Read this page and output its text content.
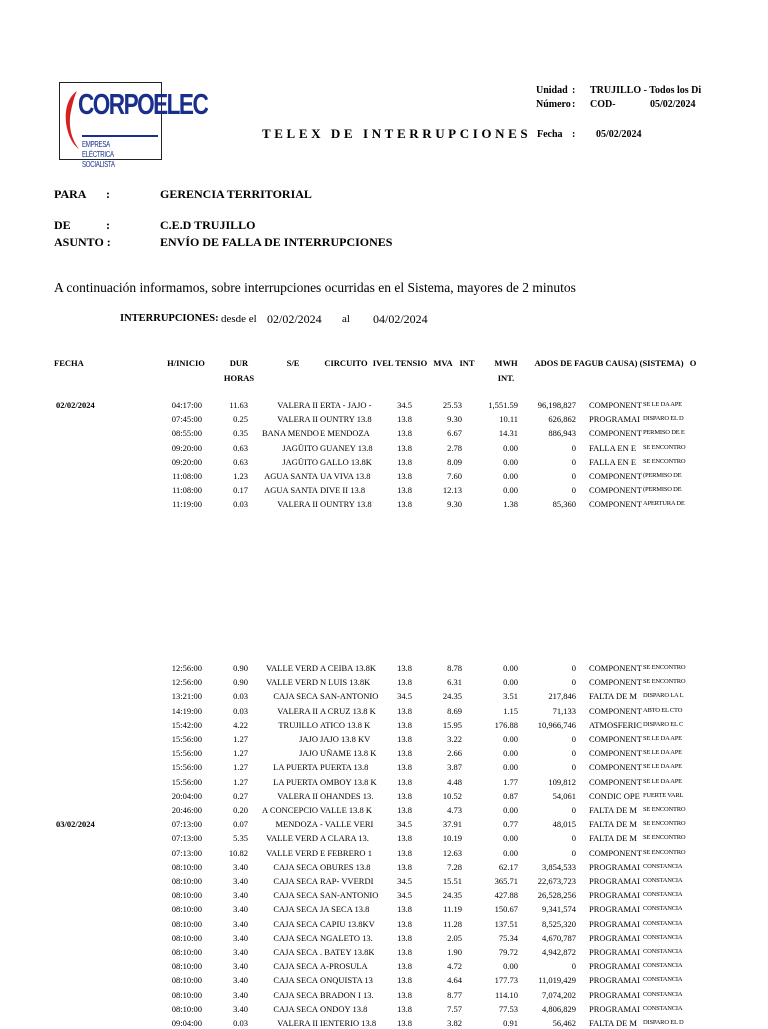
CORPOELEC
EMPRESA ELÉCTRICA SOCIALISTA
Unidad : TRUJILLO - Todos los Di
Número : COD-	05/02/2024
TELEX DE INTERRUPCIONES Fecha : 05/02/2024
PARA :	GERENCIA TERRITORIAL
DE	:	C.E.D TRUJILLO
ASUNTO :	ENVÍO DE FALLA DE INTERRUPCIONES
A continuación informamos, sobre interrupciones ocurridas en el Sistema, mayores de 2 minutos
INTERRUPCIONES: desde el 02/02/2024 al 04/02/2024
FECHA	H/INICIO	DUR
HORAS
S/E	CIRCUITO IVEL TENSIO MVA INT	MWH
INT.
ADOS DE FAGUB CAUSA) (SISTEMA) O
02/02/2024	04:17:00	11.63	VALERA II ERTA - JAJO -	34.5	25.53	1,551.59	96,198,827 COMPONENT SE LE DA APE
07:45:00	0.25	VALERA II OUNTRY 13.8	13.8	9.30	10.11	626,862 PROGRAMAI DISPARO EL D
08:55:00	0.35 BANA MENDO E MENDOZA	13.8	6.67	14.31	886,943 COMPONENT PERMISO DE E
09:20:00	0.63	JAGÜITO GUANEY 13.8	13.8	2.78	0.00	0 FALLA EN E	SE ENCONTRO
09:20:00	0.63	JAGÜITO GALLO 13.8K	13.8	8.09	0.00	0 FALLA EN E	SE ENCONTRO
11:08:00	1.23 AGUA SANTA UA VIVA 13.8	13.8	7.60	0.00	0 COMPONENT (PERMISO DE
11:08:00	0.17 AGUA SANTA DIVE II 13.8	13.8	12.13	0.00	0 COMPONENT (PERMISO DE
11:19:00	0.03	VALERA II OUNTRY 13.8	13.8	9.30	1.38	85,360 COMPONENT APERTURA DE
12:56:00	0.90	VALLE VERD A CEIBA 13.8K	13.8	8.78	0.00	0 COMPONENT SE ENCONTRO
12:56:00	0.90	VALLE VERD N LUIS 13.8K	13.8	6.31	0.00	0 COMPONENT SE ENCONTRO
13:21:00	0.03	CAJA SECA SAN-ANTONIO	34.5	24.35	3.51	217,846 FALTA DE M DISPARO LA L
14:19:00	0.03	VALERA II A CRUZ 13.8 K	13.8	8.69	1.15	71,133 COMPONENT ABTO EL CTO
15:42:00	4.22	TRUJILLO ATICO 13.8 K	13.8	15.95	176.88	10,966,746 ATMOSFERIC DISPARO EL C
15:56:00	1.27	JAJO JAJO 13.8 KV	13.8	3.22	0.00	0 COMPONENT SE LE DA APE
15:56:00	1.27	JAJO UÑAME 13.8 K	13.8	2.66	0.00	0 COMPONENT SE LE DA APE
15:56:00	1.27	LA PUERTA PUERTA 13.8	13.8	3.87	0.00	0 COMPONENT SE LE DA APE
15:56:00	1.27	LA PUERTA OMBOY 13.8 K	13.8	4.48	1.77	109,812 COMPONENT SE LE DA APE
20:04:00	0.27	VALERA II OHANDES 13.	13.8	10.52	0.87	54,061 CONDIC OPE FUERTE VARL
20:46:00	0.20 A CONCEPCIO VALLE 13.8 K	13.8	4.73	0.00	0 FALTA DE M SE ENCONTRO
03/02/2024	07:13:00	0.07	MENDOZA - VALLE VERI	34.5	37.91	0.77	48,015 FALTA DE M SE ENCONTRO
07:13:00	5.35	VALLE VERD A CLARA 13.	13.8	10.19	0.00	0 FALTA DE M SE ENCONTRO
07:13:00	10.82	VALLE VERD E FEBRERO 1	13.8	12.63	0.00	0 COMPONENT SE ENCONTRO
08:10:00	3.40	CAJA SECA OBURES 13.8	13.8	7.28	62.17	3,854,533 PROGRAMAI CONSTANCIA
08:10:00	3.40	CAJA SECA RAP- VVERDI	34.5	15.51	365.71	22,673,723 PROGRAMAI CONSTANCIA
08:10:00	3.40	CAJA SECA SAN-ANTONIO	34.5	24.35	427.88	26,528,256 PROGRAMAI CONSTANCIA
08:10:00	3.40	CAJA SECA JA SECA 13.8	13.8	11.19	150.67	9,341,574 PROGRAMAI CONSTANCIA
08:10:00	3.40	CAJA SECA CAPIU 13.8KV	13.8	11.28	137.51	8,525,320 PROGRAMAI CONSTANCIA
08:10:00	3.40	CAJA SECA NGALETO 13.	13.8	2.05	75.34	4,670,787 PROGRAMAI CONSTANCIA
08:10:00	3.40	CAJA SECA . BATEY 13.8K	13.8	1.90	79.72	4,942,872 PROGRAMAI CONSTANCIA
08:10:00	3.40	CAJA SECA A-PROSULA	13.8	4.72	0.00	0 PROGRAMAI CONSTANCIA
08:10:00	3.40	CAJA SECA ONQUISTA 13	13.8	4.64	177.73	11,019,429 PROGRAMAI CONSTANCIA
08:10:00	3.40	CAJA SECA BRADON I 13.	13.8	8.77	114.10	7,074,202 PROGRAMAI CONSTANCIA
08:10:00	3.40	CAJA SECA ONDOY 13.8	13.8	7.57	77.53	4,806,829 PROGRAMAI CONSTANCIA
09:04:00	0.03	VALERA II IENTERIO 13.8	13.8	3.82	0.91	56,462 FALTA DE M DISPARO EL D
